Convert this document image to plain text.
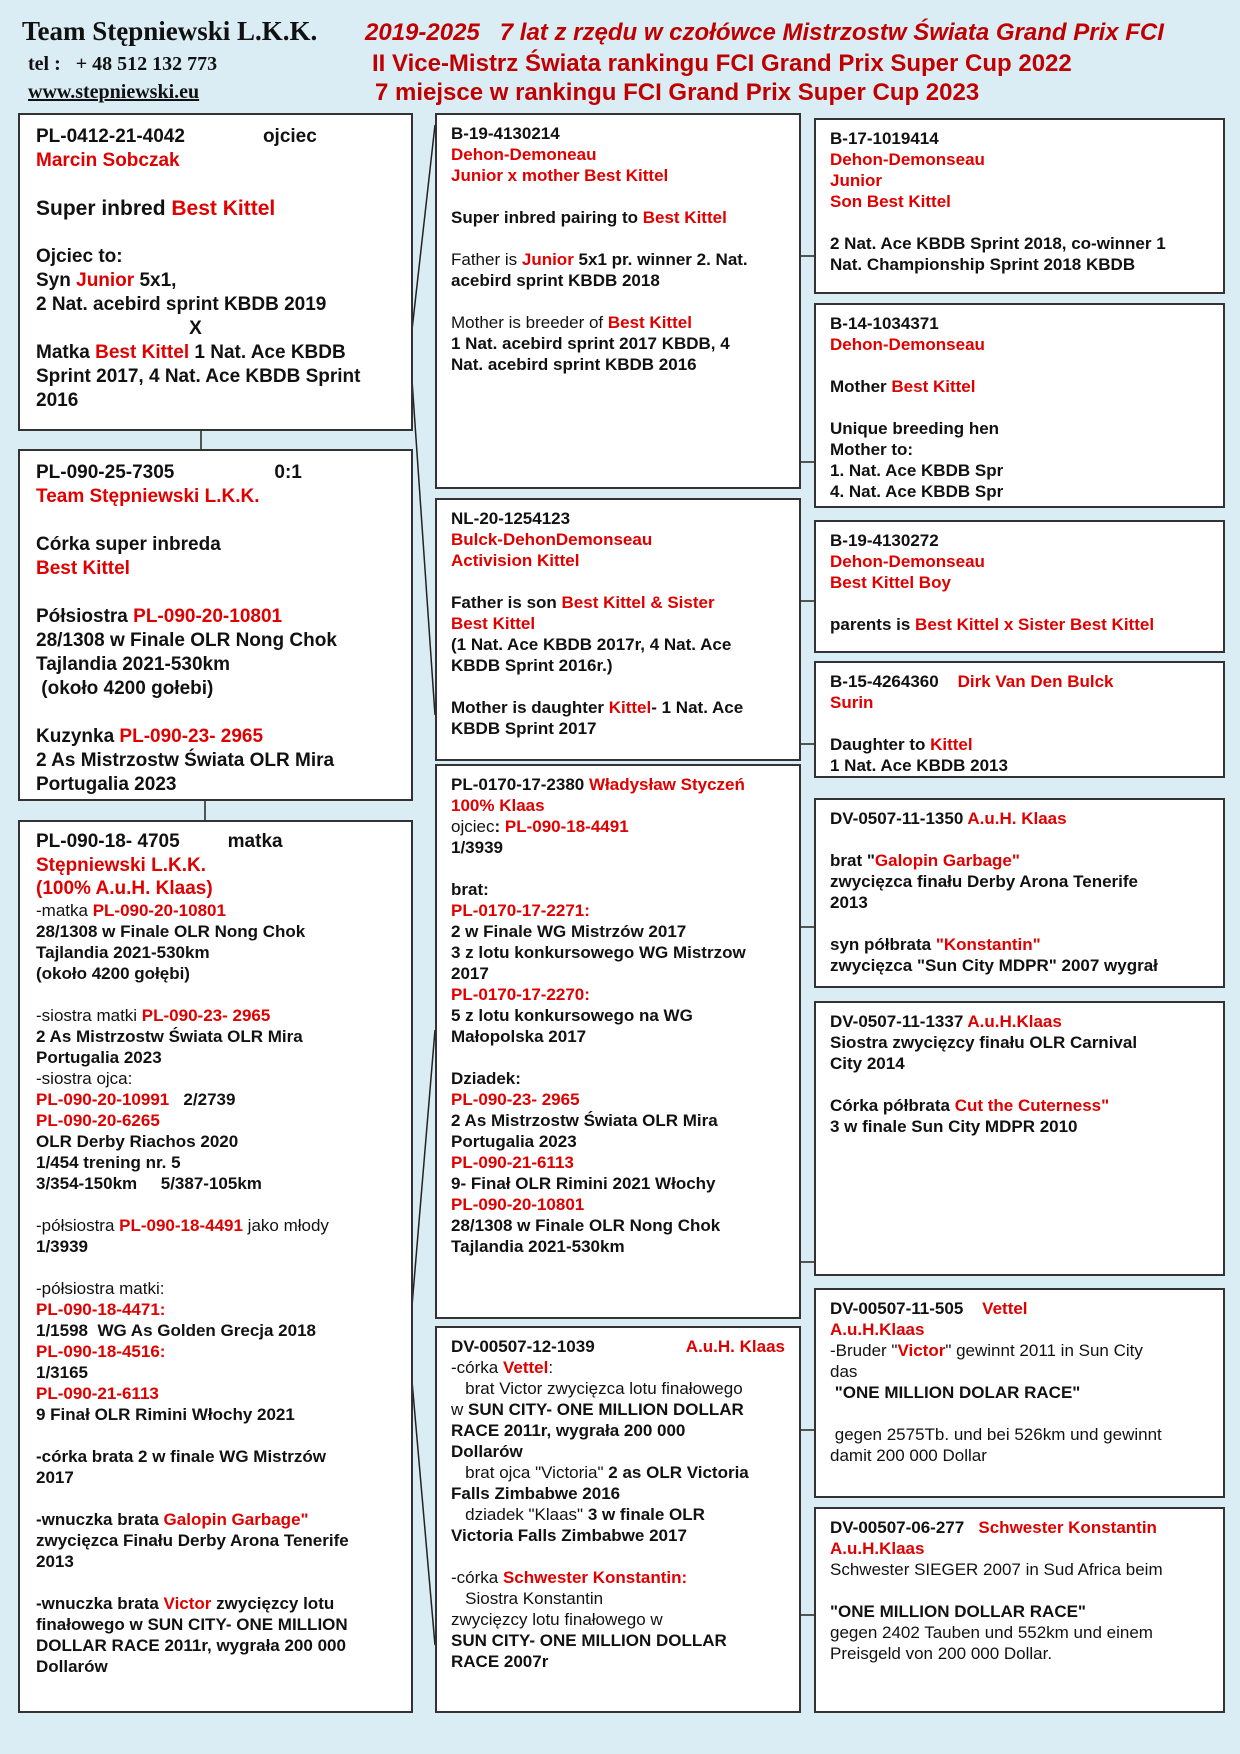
Team Stępniewski L.K.K.
tel :   + 48 512 132 773
www.stepniewski.eu
2019-2025   7 lat z rzędu w czołówce Mistrzostw Świata Grand Prix FCI
II Vice-Mistrz Świata rankingu FCI Grand Prix Super Cup 2022
7 miejsce w rankingu FCI Grand Prix Super Cup 2023
PL-0412-21-4042	ojciec
Marcin Sobczak
Super inbred Best Kittel
Ojciec to:
Syn Junior 5x1,
2 Nat. acebird sprint KBDB 2019
X
Matka Best Kittel 1 Nat. Ace KBDB
Sprint 2017, 4 Nat. Ace KBDB Sprint
2016
PL-090-25-7305	0:1
Team Stępniewski L.K.K.
Córka super inbreda
Best Kittel
Półsiostra PL-090-20-10801
28/1308 w Finale OLR Nong Chok
Tajlandia 2021-530km
(około 4200 gołebi)
Kuzynka PL-090-23- 2965
2 As Mistrzostw Świata OLR Mira
Portugalia 2023
PL-090-18- 4705	matka
Stępniewski L.K.K.
(100% A.u.H. Klaas)
-matka PL-090-20-10801
28/1308 w Finale OLR Nong Chok
Tajlandia 2021-530km
(około 4200 gołębi)
-siostra matki PL-090-23- 2965
2 As Mistrzostw Świata OLR Mira
Portugalia 2023
-siostra ojca:
PL-090-20-10991   2/2739
PL-090-20-6265
OLR Derby Riachos 2020
1/454 trening nr. 5
3/354-150km     5/387-105km
-półsiostra PL-090-18-4491 jako młody
1/3939
-półsiostra matki:
PL-090-18-4471:
1/1598  WG As Golden Grecja 2018
PL-090-18-4516:
1/3165
PL-090-21-6113
9 Finał OLR Rimini Włochy 2021
-córka brata 2 w finale WG Mistrzów
2017
-wnuczka brata Galopin Garbage"
zwycięzca Finału Derby Arona Tenerife
2013
-wnuczka brata Victor zwycięzcy lotu
finałowego w SUN CITY- ONE MILLION
DOLLAR RACE 2011r, wygrała 200 000
Dollarów
B-19-4130214
Dehon-Demoneau
Junior x mother Best Kittel
Super inbred pairing to Best Kittel
Father is Junior 5x1 pr. winner 2. Nat.
acebird sprint KBDB 2018
Mother is breeder of Best Kittel
1 Nat. acebird sprint 2017 KBDB, 4
Nat. acebird sprint KBDB 2016
NL-20-1254123
Bulck-DehonDemonseau
Activision Kittel
Father is son Best Kittel & Sister
Best Kittel
(1 Nat. Ace KBDB 2017r, 4 Nat. Ace
KBDB Sprint 2016r.)
Mother is daughter Kittel- 1 Nat. Ace
KBDB Sprint 2017
PL-0170-17-2380 Władysław Styczeń
100% Klaas
ojciec: PL-090-18-4491
1/3939
brat:
PL-0170-17-2271:
2 w Finale WG Mistrzów 2017
3 z lotu konkursowego WG Mistrzow
2017
PL-0170-17-2270:
5 z lotu konkursowego na WG
Małopolska 2017
Dziadek:
PL-090-23- 2965
2 As Mistrzostw Świata OLR Mira
Portugalia 2023
PL-090-21-6113
9- Finał OLR Rimini 2021 Włochy
PL-090-20-10801
28/1308 w Finale OLR Nong Chok
Tajlandia 2021-530km
DV-00507-12-1039	A.u.H. Klaas
-córka Vettel:
brat Victor zwycięzca lotu finałowego
w SUN CITY- ONE MILLION DOLLAR
RACE 2011r, wygrała 200 000
Dollarów
brat ojca "Victoria" 2 as OLR Victoria
Falls Zimbabwe 2016
dziadek "Klaas" 3 w finale OLR
Victoria Falls Zimbabwe 2017
-córka Schwester Konstantin:
Siostra Konstantin
zwycięzcy lotu finałowego w
SUN CITY- ONE MILLION DOLLAR
RACE 2007r
B-17-1019414
Dehon-Demonseau
Junior
Son Best Kittel
2 Nat. Ace KBDB Sprint 2018, co-winner 1
Nat. Championship Sprint 2018 KBDB
B-14-1034371
Dehon-Demonseau
Mother Best Kittel
Unique breeding hen
Mother to:
1. Nat. Ace KBDB Spr
4. Nat. Ace KBDB Spr
B-19-4130272
Dehon-Demonseau
Best Kittel Boy
parents is Best Kittel x Sister Best Kittel
B-15-4264360    Dirk Van Den Bulck
Surin
Daughter to Kittel
1 Nat. Ace KBDB 2013
DV-0507-11-1350 A.u.H. Klaas
brat "Galopin Garbage"
zwycięzca finału Derby Arona Tenerife
2013
syn półbrata "Konstantin"
zwycięzca "Sun City MDPR" 2007 wygrał
DV-0507-11-1337 A.u.H.Klaas
Siostra zwycięzcy finału OLR Carnival
City 2014
Córka półbrata Cut the Cuterness"
3 w finale Sun City MDPR 2010
DV-00507-11-505    Vettel
A.u.H.Klaas
-Bruder "Victor" gewinnt 2011 in Sun City
das
"ONE MILLION DOLAR RACE"
gegen 2575Tb. und bei 526km und gewinnt
damit 200 000 Dollar
DV-00507-06-277   Schwester Konstantin
A.u.H.Klaas
Schwester SIEGER 2007 in Sud Africa beim
"ONE MILLION DOLLAR RACE"
gegen 2402 Tauben und 552km und einem
Preisgeld von 200 000 Dollar.
